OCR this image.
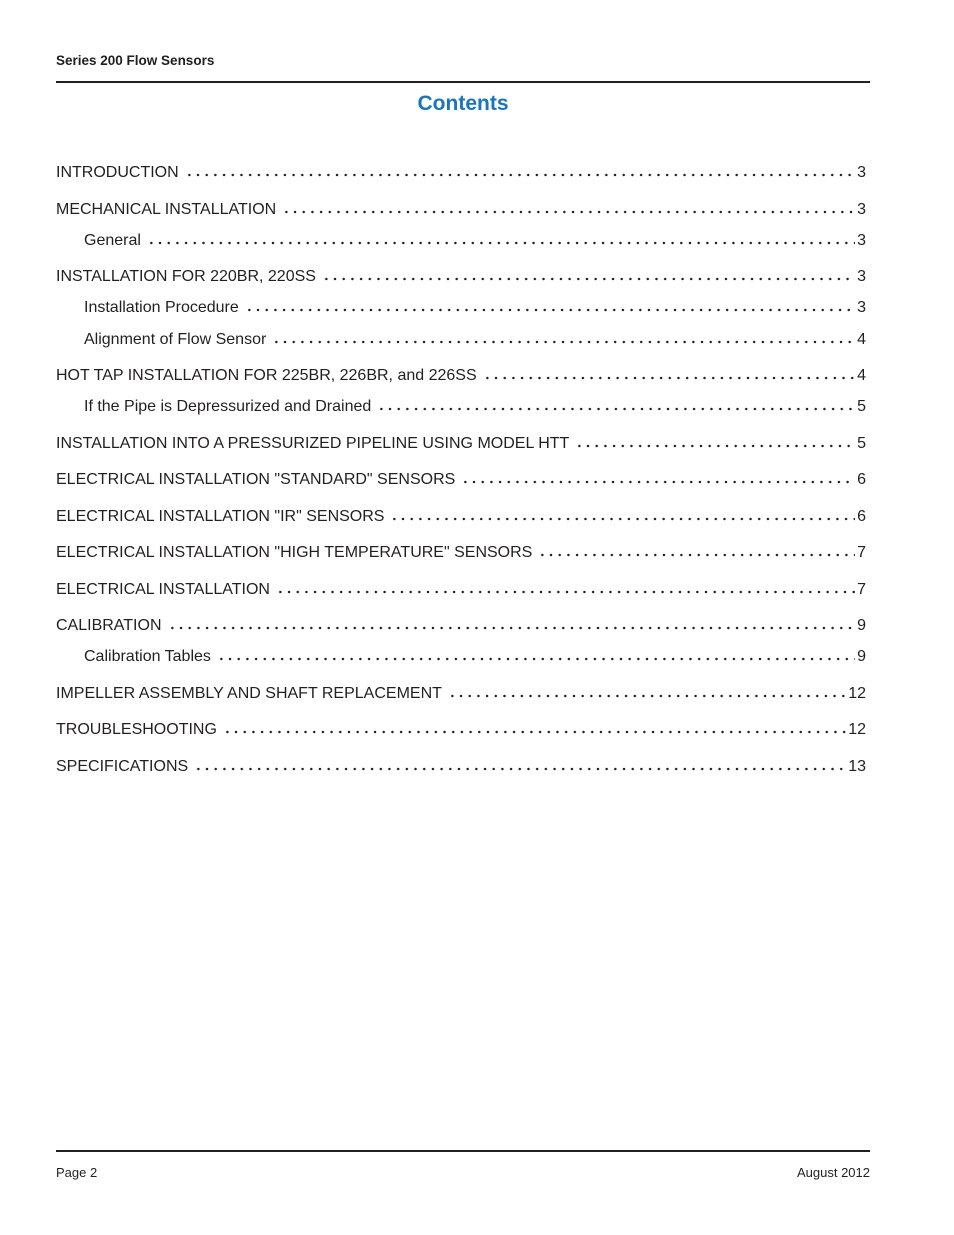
Series 200 Flow Sensors
Contents
INTRODUCTION	3
MECHANICAL INSTALLATION	3
General	3
INSTALLATION FOR 220BR, 220SS	3
Installation Procedure	3
Alignment of Flow Sensor	4
HOT TAP INSTALLATION FOR 225BR, 226BR, and 226SS	4
If the Pipe is Depressurized and Drained	5
INSTALLATION INTO A PRESSURIZED PIPELINE USING MODEL HTT	5
ELECTRICAL INSTALLATION "STANDARD" SENSORS	6
ELECTRICAL INSTALLATION "IR" SENSORS	6
ELECTRICAL INSTALLATION "HIGH TEMPERATURE" SENSORS	7
ELECTRICAL INSTALLATION	7
CALIBRATION	9
Calibration Tables	9
IMPELLER ASSEMBLY AND SHAFT REPLACEMENT	12
TROUBLESHOOTING	12
SPECIFICATIONS	13
Page 2	August 2012
